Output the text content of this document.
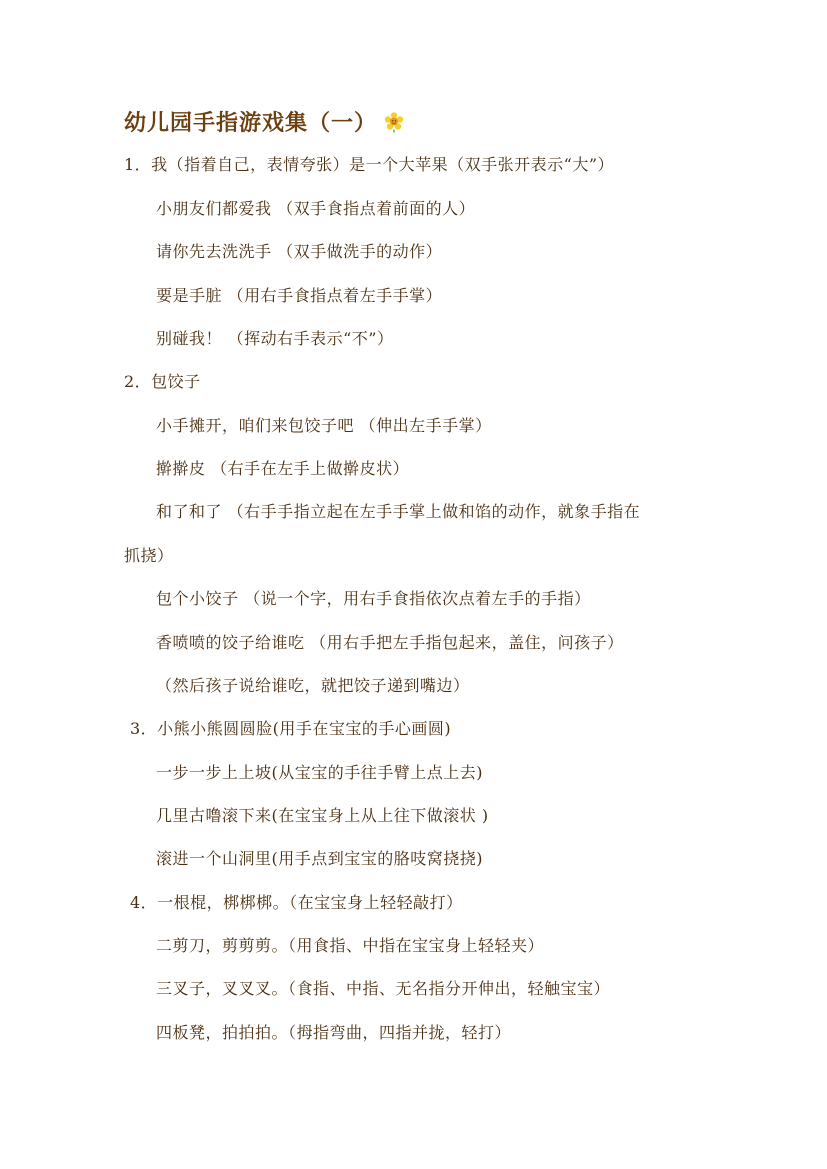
幼儿园手指游戏集（一）
1．我（指着自己，表情夸张）是一个大苹果（双手张开表示“大”）
小朋友们都爱我 （双手食指点着前面的人）
请你先去洗洗手 （双手做洗手的动作）
要是手脏 （用右手食指点着左手手掌）
别碰我！ （挥动右手表示“不”）
2．包饺子
小手摊开，咱们来包饺子吧 （伸出左手手掌）
擀擀皮 （右手在左手上做擀皮状）
和了和了 （右手手指立起在左手手掌上做和馅的动作，就象手指在
抓挠）
包个小饺子 （说一个字，用右手食指依次点着左手的手指）
香喷喷的饺子给谁吃 （用右手把左手指包起来，盖住，问孩子）
（然后孩子说给谁吃，就把饺子递到嘴边）
3．小熊小熊圆圆脸(用手在宝宝的手心画圆)
一步一步上上坡(从宝宝的手往手臂上点上去)
几里古噜滚下来(在宝宝身上从上往下做滚状 )
滚进一个山洞里(用手点到宝宝的胳吱窝挠挠)
4．一根棍，梆梆梆。（在宝宝身上轻轻敲打）
二剪刀，剪剪剪。（用食指、中指在宝宝身上轻轻夹）
三叉子，叉叉叉。（食指、中指、无名指分开伸出，轻触宝宝）
四板凳，拍拍拍。（拇指弯曲，四指并拢，轻打）
